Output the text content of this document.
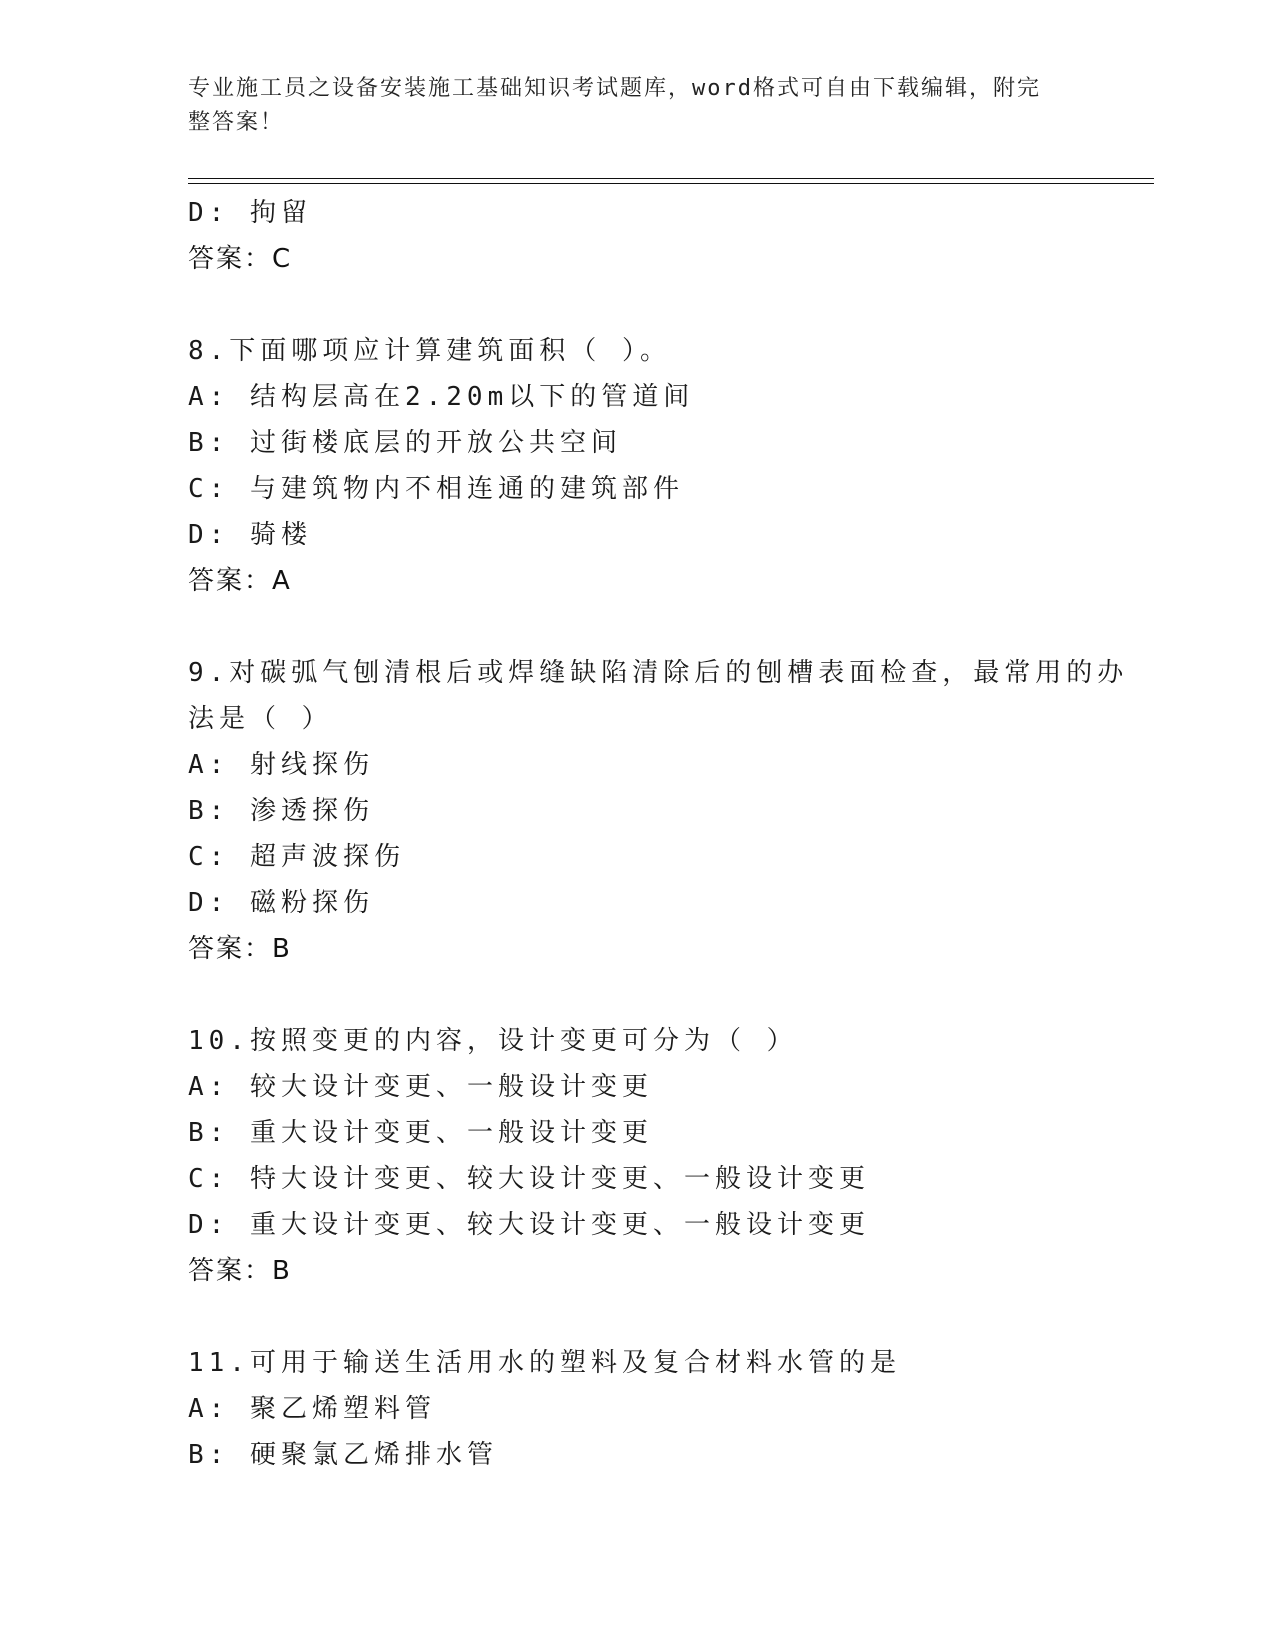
专业施工员之设备安装施工基础知识考试题库，word格式可自由下载编辑，附完
整答案！
D: 拘留
答案：C
8.下面哪项应计算建筑面积（ ）。
A: 结构层高在2.20m以下的管道间
B: 过街楼底层的开放公共空间
C: 与建筑物内不相连通的建筑部件
D: 骑楼
答案：A
9.对碳弧气刨清根后或焊缝缺陷清除后的刨槽表面检查，最常用的办
法是（ ）
A: 射线探伤
B: 渗透探伤
C: 超声波探伤
D: 磁粉探伤
答案：B
10.按照变更的内容，设计变更可分为（ ）
A: 较大设计变更、一般设计变更
B: 重大设计变更、一般设计变更
C: 特大设计变更、较大设计变更、一般设计变更
D: 重大设计变更、较大设计变更、一般设计变更
答案：B
11.可用于输送生活用水的塑料及复合材料水管的是
A: 聚乙烯塑料管
B: 硬聚氯乙烯排水管
